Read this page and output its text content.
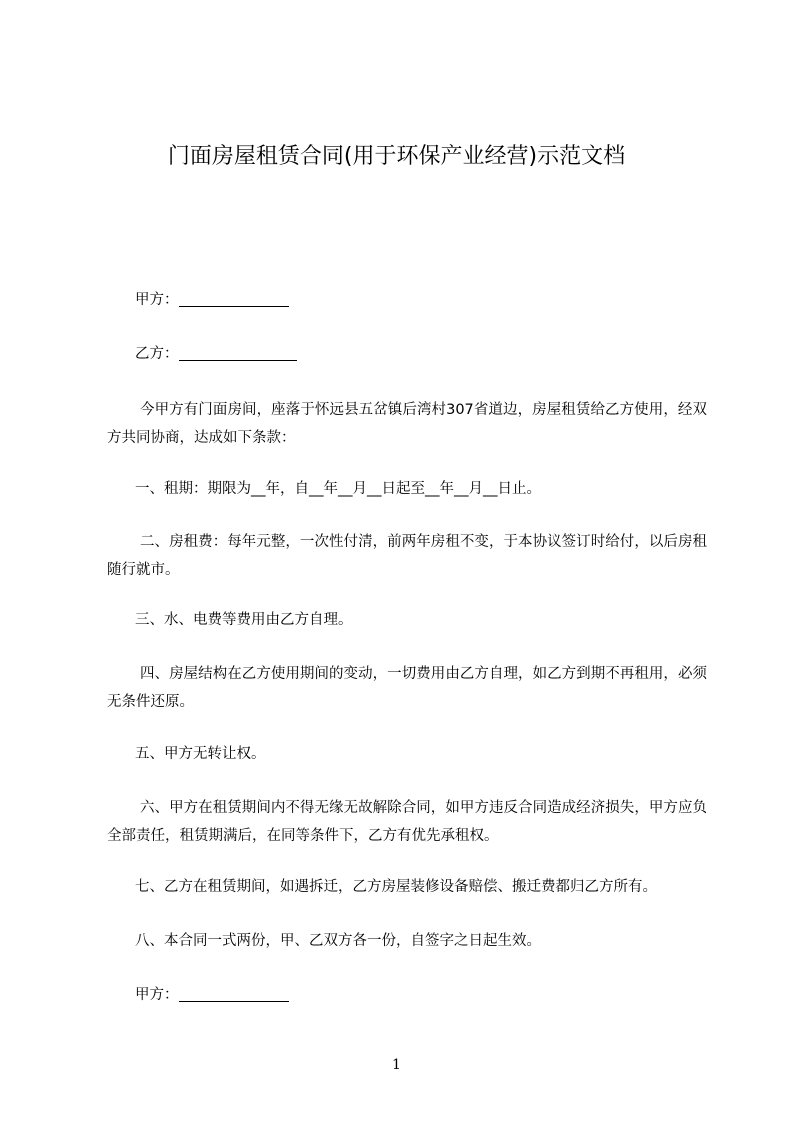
门面房屋租赁合同(用于环保产业经营)示范文档
甲方：
乙方：
今甲方有门面房间，座落于怀远县五岔镇后湾村307省道边，房屋租赁给乙方使用，经双方共同协商，达成如下条款：
一、租期：期限为__年，自__年__月__日起至__年__月__日止。
二、房租费：每年元整，一次性付清，前两年房租不变，于本协议签订时给付，以后房租随行就市。
三、水、电费等费用由乙方自理。
四、房屋结构在乙方使用期间的变动，一切费用由乙方自理，如乙方到期不再租用，必须无条件还原。
五、甲方无转让权。
六、甲方在租赁期间内不得无缘无故解除合同，如甲方违反合同造成经济损失，甲方应负全部责任，租赁期满后，在同等条件下，乙方有优先承租权。
七、乙方在租赁期间，如遇拆迁，乙方房屋装修设备赔偿、搬迁费都归乙方所有。
八、本合同一式两份，甲、乙双方各一份，自签字之日起生效。
甲方：
1
